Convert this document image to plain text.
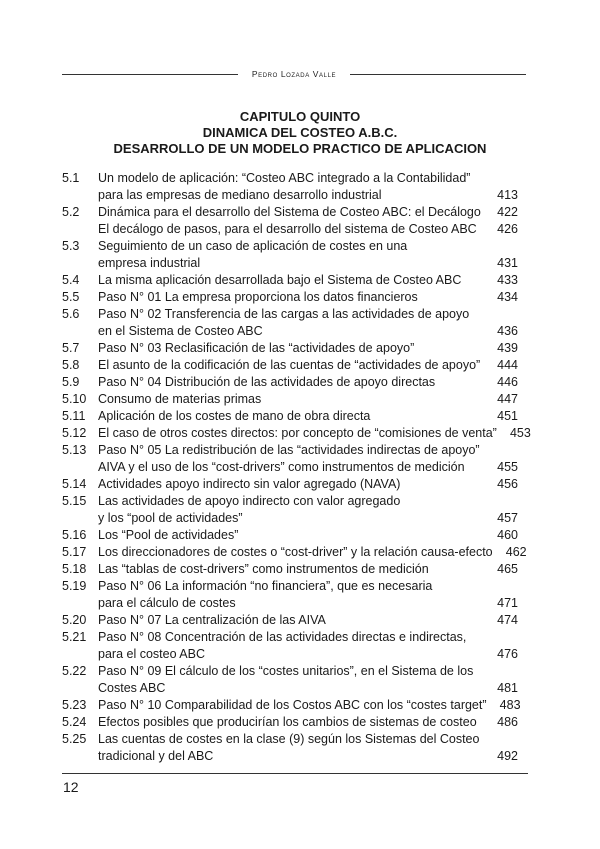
Pedro Lozada Valle
CAPITULO QUINTO
DINAMICA DEL COSTEO A.B.C.
DESARROLLO DE UN MODELO PRACTICO DE APLICACION
5.1	Un modelo de aplicación: “Costeo ABC integrado a la Contabilidad”
para las empresas de mediano desarrollo industrial	413
5.2	Dinámica para el desarrollo del Sistema de Costeo ABC: el Decálogo	422
El decálogo de pasos, para el desarrollo del sistema de Costeo ABC	426
5.3	Seguimiento de un caso de aplicación de costes en una
empresa industrial	431
5.4	La misma aplicación desarrollada bajo el Sistema de Costeo ABC	433
5.5	Paso N° 01 La empresa proporciona los datos financieros	434
5.6	Paso N° 02 Transferencia de las cargas a las actividades de apoyo
en el Sistema de Costeo ABC	436
5.7	Paso N° 03 Reclasificación de las “actividades de apoyo”	439
5.8	El asunto de la codificación de las cuentas de “actividades de apoyo”	444
5.9	Paso N° 04 Distribución de las actividades de apoyo directas	446
5.10 Consumo de materias primas	447
5.11	Aplicación de los costes de mano de obra directa	451
5.12 El caso de otros costes directos: por concepto de “comisiones de venta”	453
5.13 Paso N° 05 La redistribución de las “actividades indirectas de apoyo”
AIVA y el uso de los “cost-drivers” como instrumentos de medición	455
5.14 Actividades apoyo indirecto sin valor agregado (NAVA)	456
5.15 Las actividades de apoyo indirecto con valor agregado
y los “pool de actividades”	457
5.16 Los “Pool de actividades”	460
5.17 Los direccionadores de costes o “cost-driver” y la relación causa-efecto	462
5.18 Las “tablas de cost-drivers” como instrumentos de medición	465
5.19 Paso N° 06 La información “no financiera”, que es necesaria
para el cálculo de costes	471
5.20 Paso N° 07 La centralización de las AIVA	474
5.21 Paso N° 08 Concentración de las actividades directas e indirectas,
para el costeo ABC	476
5.22 Paso N° 09 El cálculo de los “costes unitarios”, en el Sistema de los
Costes ABC	481
5.23 Paso N° 10 Comparabilidad de los Costos ABC con los “costes target”	483
5.24 Efectos posibles que producirían los cambios de sistemas de costeo	486
5.25 Las cuentas de costes en la clase (9) según los Sistemas del Costeo
tradicional y del ABC	492
12
